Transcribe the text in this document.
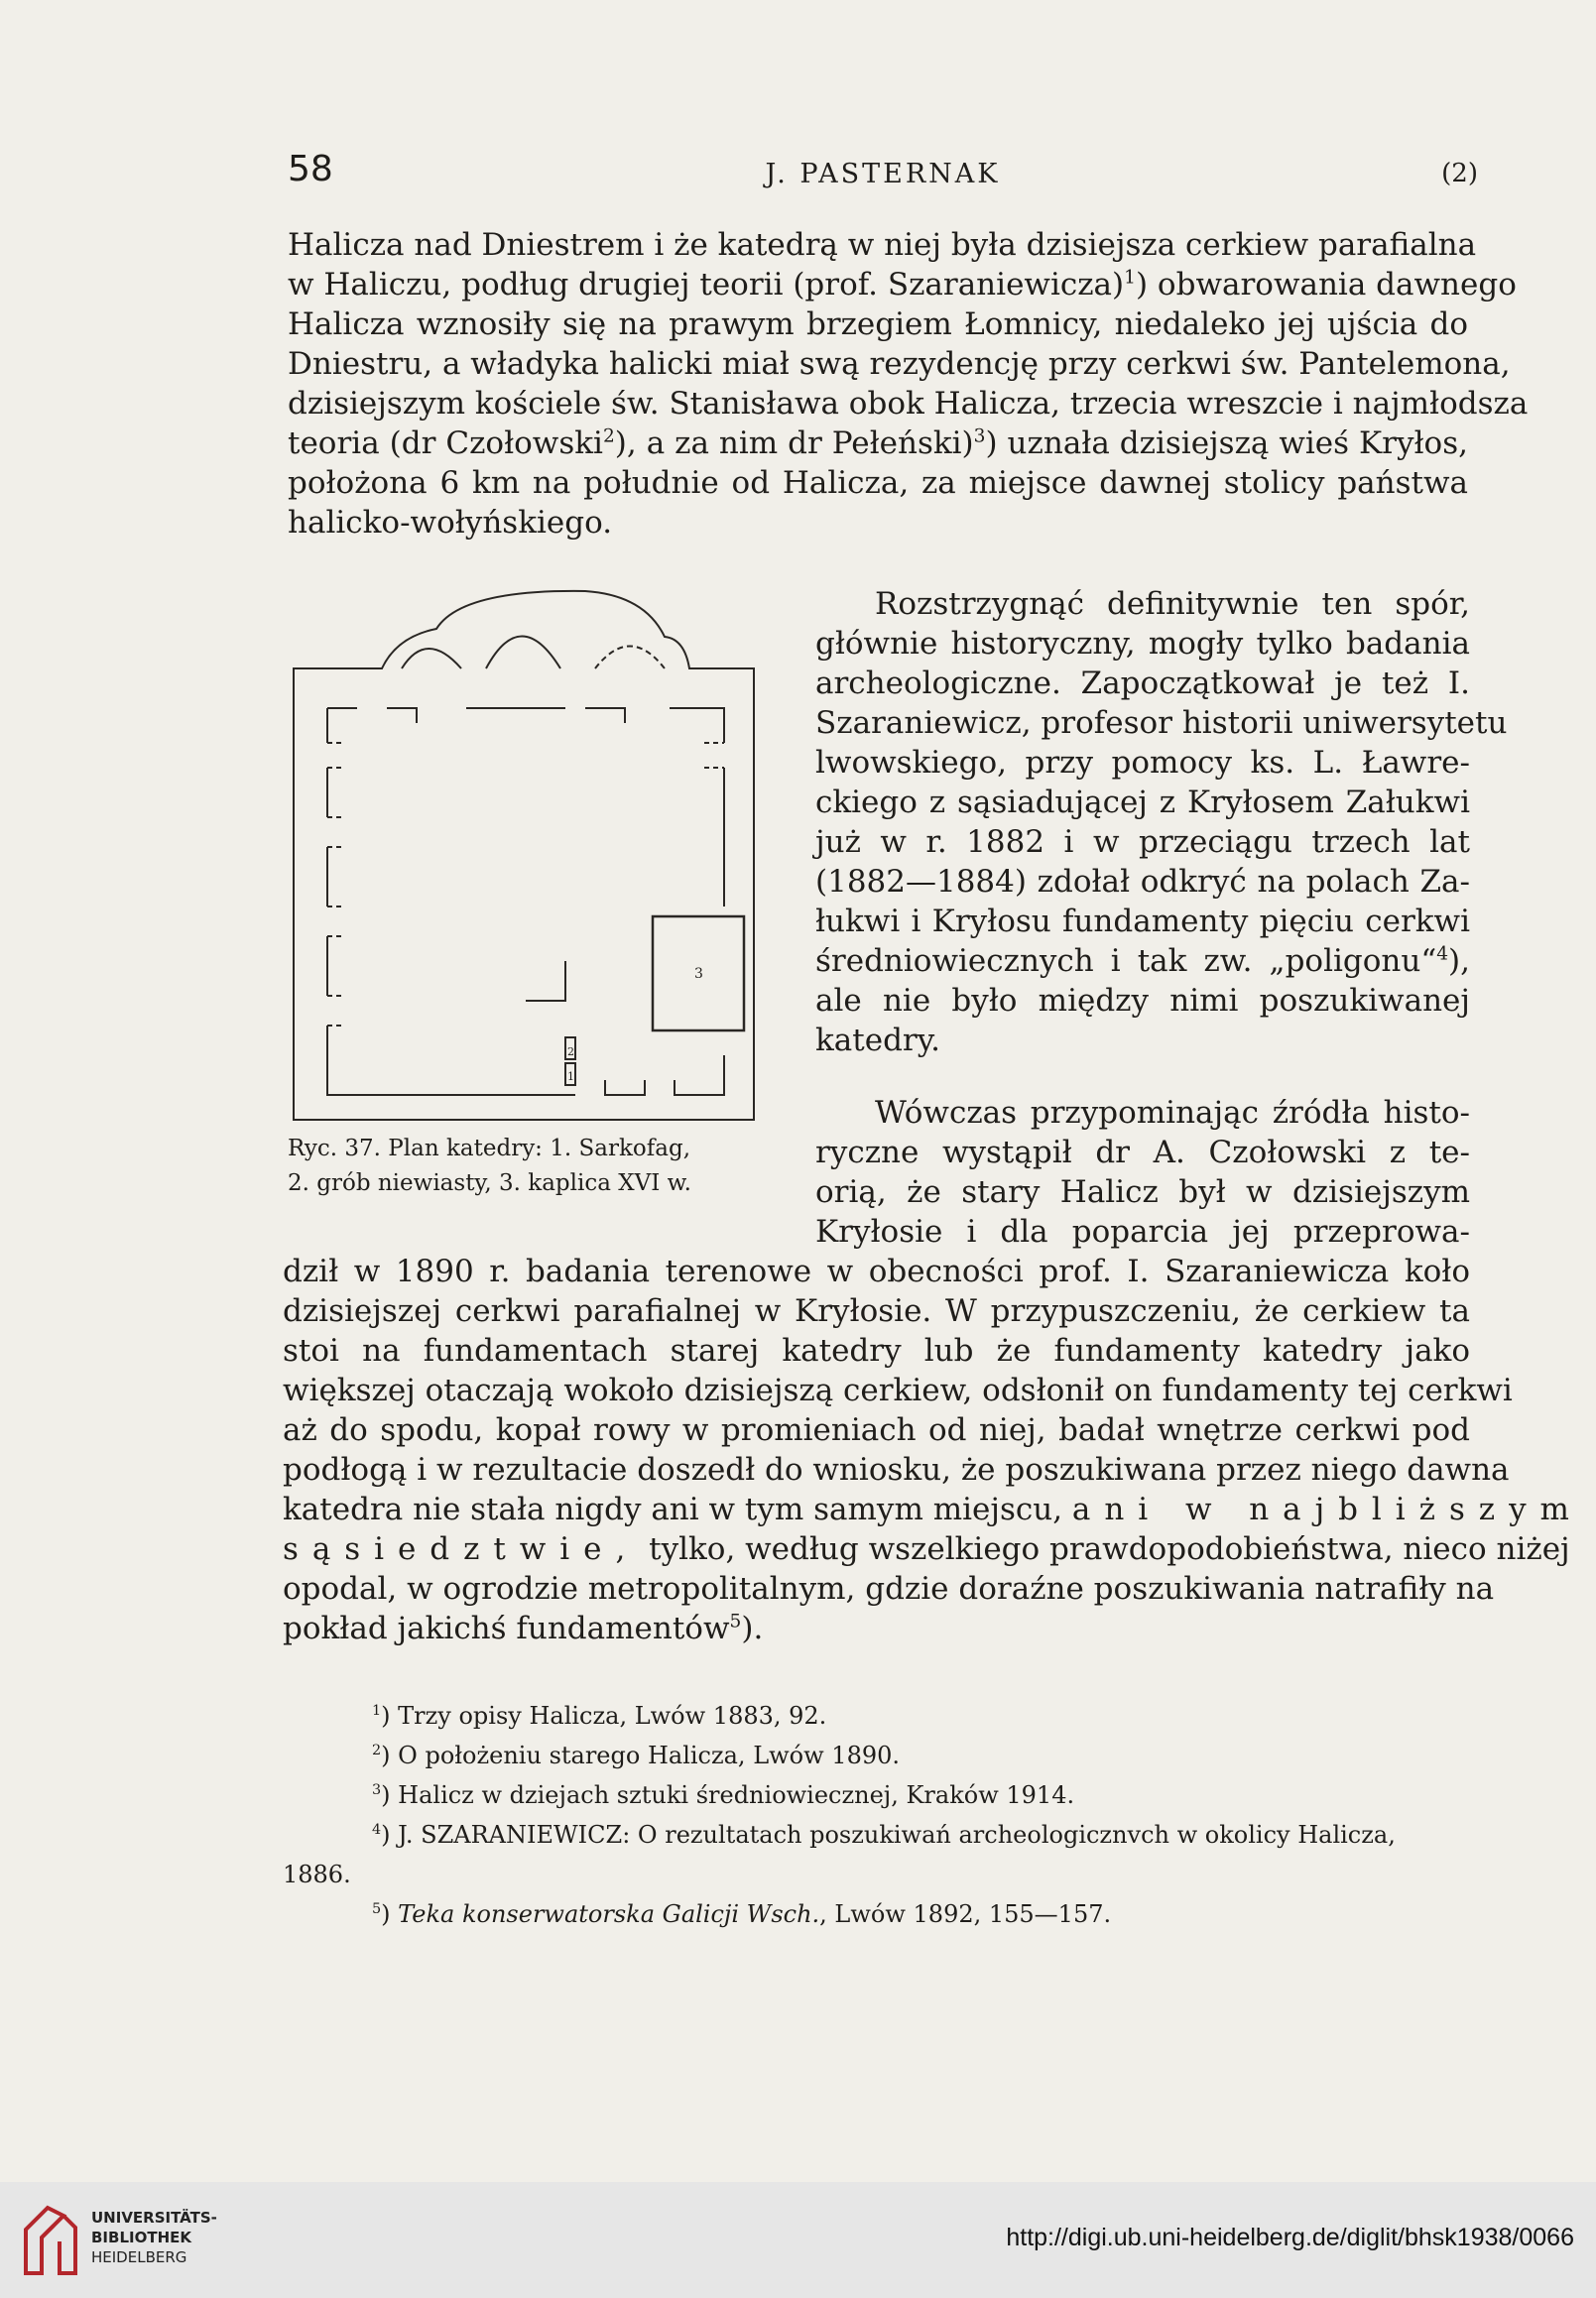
58	J. PASTERNAK	(2)

Halicza nad Dniestrem i że katedrą w niej była dzisiejsza cerkiew parafialna
w Haliczu, podług drugiej teorii (prof. Szaraniewicza)$^1$) obwarowania dawnego
Halicza wznosiły się na prawym brzegiem Łomnicy, niedaleko jej ujścia do
Dniestru, a władyka halicki miał swą rezydencję przy cerkwi św. Pantelemona,
dzisiejszym kościele św. Stanisława obok Halicza, trzecia wreszcie i najmłodsza
teoria (dr Czołowski$^2$), a za nim dr Pełeński)$^3$) uznała dzisiejszą wieś Kryłos,
położona 6 km na południe od Halicza, za miejsce dawnej stolicy państwa
halicko-wołyńskiego.

Rozstrzygnąć definitywnie ten spór,
głównie historyczny, mogły tylko badania
archeologiczne. Zapoczątkował je też I.
Szaraniewicz, profesor historii uniwersytetu
lwowskiego, przy pomocy ks. L. Ławre-
ckiego z sąsiadującej z Kryłosem Załukwi
już w r. 1882 i w przeciągu trzech lat
(1882—1884) zdołał odkryć na polach Za-
łukwi i Kryłosu fundamenty pięciu cerkwi
średniowiecznych i tak zw. „poligonu“$^4$),
ale nie było między nimi poszukiwanej
katedry.

Wówczas przypominając źródła histo-
ryczne wystąpił dr A. Czołowski z te-
orią, że stary Halicz był w dzisiejszym
Kryłosie i dla poparcia jej przeprowa-

dził w 1890 r. badania terenowe w obecności prof. I. Szaraniewicza koło
dzisiejszej cerkwi parafialnej w Kryłosie. W przypuszczeniu, że cerkiew ta
stoi na fundamentach starej katedry lub że fundamenty katedry jako
większej otaczają wokoło dzisiejszą cerkiew, odsłonił on fundamenty tej cerkwi
aż do spodu, kopał rowy w promieniach od niej, badał wnętrze cerkwi pod
podłogą i w rezultacie doszedł do wniosku, że poszukiwana przez niego dawna
katedra nie stała nigdy ani w tym samym miejscu, ani w najbliższym
sąsiedztwie, tylko, według wszelkiego prawdopodobieństwa, nieco niżej
opodal, w ogrodzie metropolitalnym, gdzie doraźne poszukiwania natrafiły na
pokład jakichś fundamentów$^5$).

3
2
1

Ryc. 37. Plan katedry: 1. Sarkofag,
2. grób niewiasty, 3. kaplica XVI w.

$^1$) Trzy opisy Halicza, Lwów 1883, 92.
$^2$) O położeniu starego Halicza, Lwów 1890.
$^3$) Halicz w dziejach sztuki średniowiecznej, Kraków 1914.
$^4$) J. SZARANIEWICZ: O rezultatach poszukiwań archeologicznvch w okolicy Halicza,
1886.
$^5$) Teka konserwatorska Galicji Wsch., Lwów 1892, 155—157.
UNIVERSITÄTS-
BIBLIOTHEK
HEIDELBERG
http://digi.ub.uni-heidelberg.de/diglit/bhsk1938/0066
